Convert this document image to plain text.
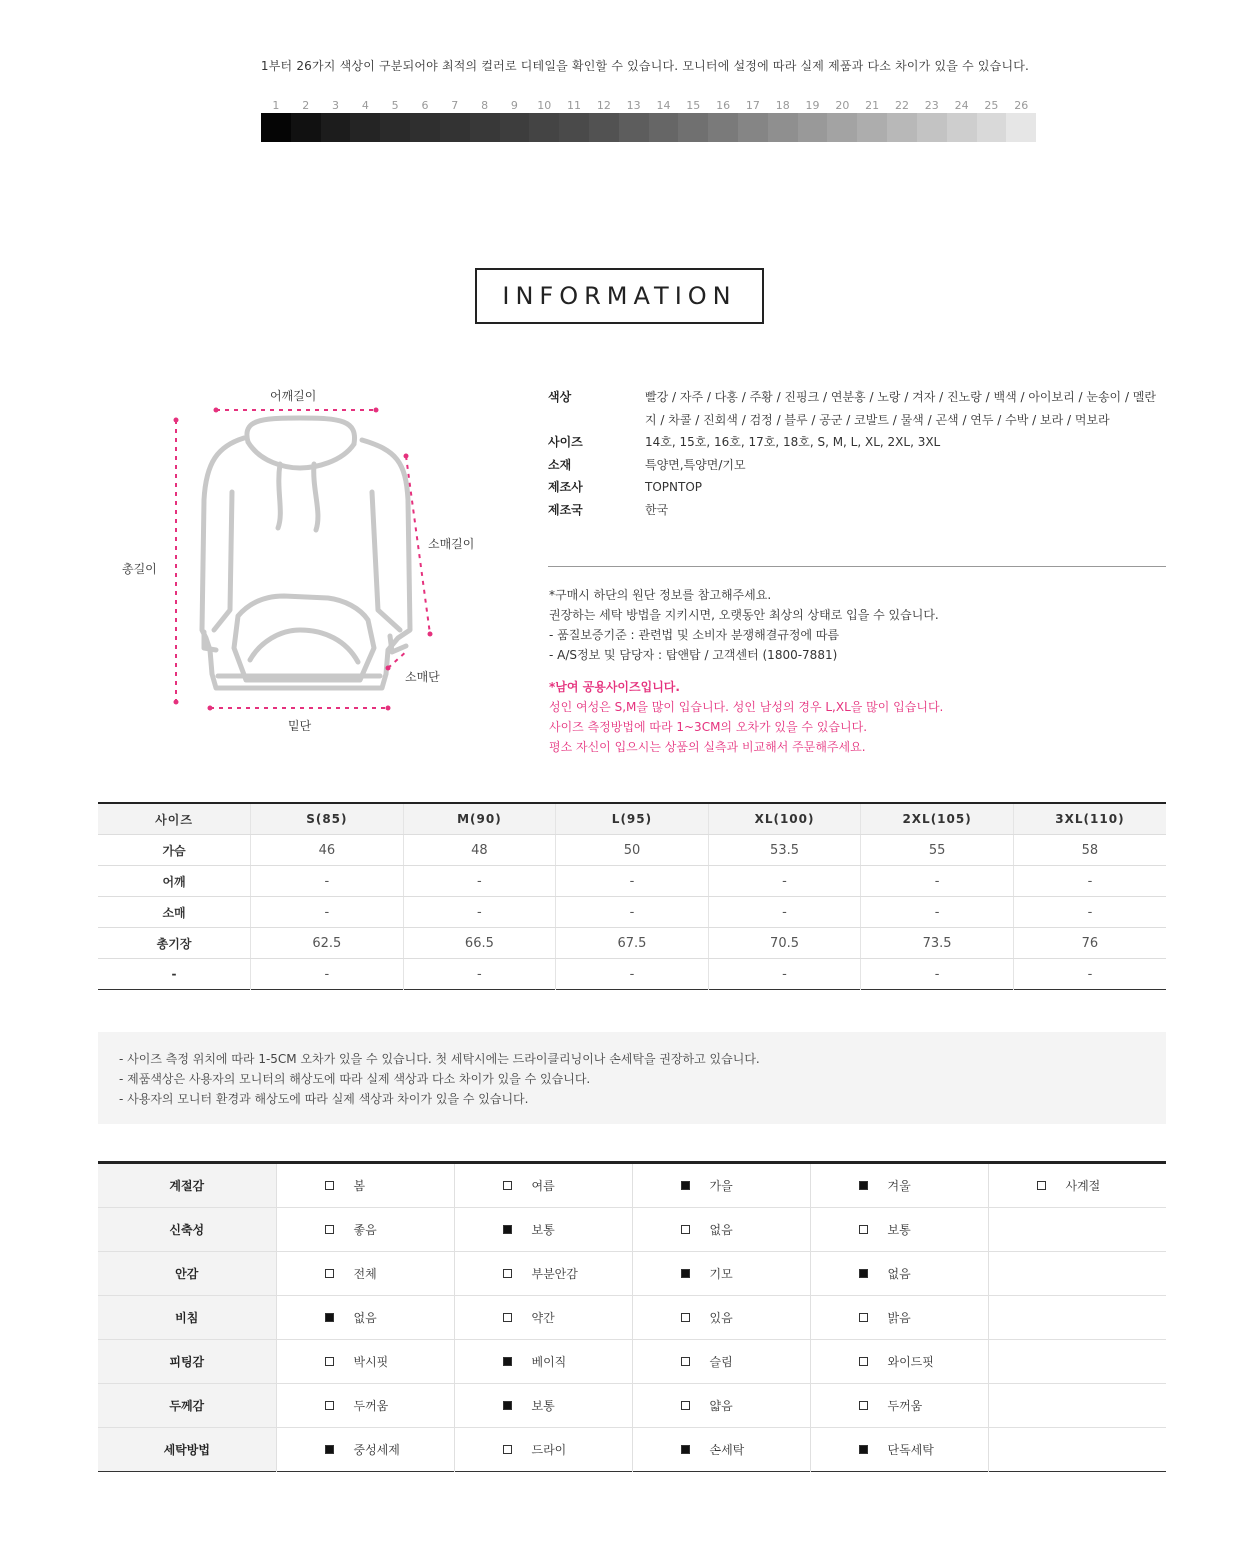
1부터 26가지 색상이 구분되어야 최적의 컬러로 디테일을 확인할 수 있습니다. 모니터에 설정에 따라 실제 제품과 다소 차이가 있을 수 있습니다.
1	2	3	4	5	6	7	8	9	10	11	12	13	14	15	16	17	18	19	20	21	22	23	24	25	26
INFORMATION
어깨길이
소매길이
총길이
소매단
밑단
색상	빨강 / 자주 / 다홍 / 주황 / 진핑크 / 연분홍 / 노랑 / 겨자 / 진노랑 / 백색 / 아이보리 / 눈송이 / 멜란지 / 차콜 / 진회색 / 검정 / 블루 / 공군 / 코발트 / 물색 / 곤색 / 연두 / 수박 / 보라 / 먹보라
사이즈	14호, 15호, 16호, 17호, 18호, S, M, L, XL, 2XL, 3XL
소재	특양면,특양면/기모
제조사	TOPNTOP
제조국	한국
*구매시 하단의 원단 정보를 참고해주세요.
권장하는 세탁 방법을 지키시면, 오랫동안 최상의 상태로 입을 수 있습니다.
- 품질보증기준 : 관련법 및 소비자 분쟁해결규정에 따름
- A/S정보 및 담당자 : 탑앤탑 / 고객센터 (1800-7881)
*남여 공용사이즈입니다.
성인 여성은 S,M을 많이 입습니다. 성인 남성의 경우 L,XL을 많이 입습니다.
사이즈 측정방법에 따라 1~3CM의 오차가 있을 수 있습니다.
평소 자신이 입으시는 상품의 실측과 비교해서 주문해주세요.
사이즈	S(85)	M(90)	L(95)	XL(100)	2XL(105)	3XL(110)
가슴	46	48	50	53.5	55	58
어깨	-	-	-	-	-	-
소매	-	-	-	-	-	-
총기장	62.5	66.5	67.5	70.5	73.5	76
-	-	-	-	-	-	-
- 사이즈 측정 위치에 따라 1-5CM 오차가 있을 수 있습니다. 첫 세탁시에는 드라이클리닝이나 손세탁을 권장하고 있습니다.
- 제품색상은 사용자의 모니터의 해상도에 따라 실제 색상과 다소 차이가 있을 수 있습니다.
- 사용자의 모니터 환경과 해상도에 따라 실제 색상과 차이가 있을 수 있습니다.
계절감	봄	여름	가을	겨울	사계절

신축성	좋음	보통	없음	보통	

안감	전체	부분안감	기모	없음	

비침	없음	약간	있음	밝음	

피팅감	박시핏	베이직	슬림	와이드핏	

두께감	두꺼움	보통	얇음	두꺼움	

세탁방법	중성세제	드라이	손세탁	단독세탁	
